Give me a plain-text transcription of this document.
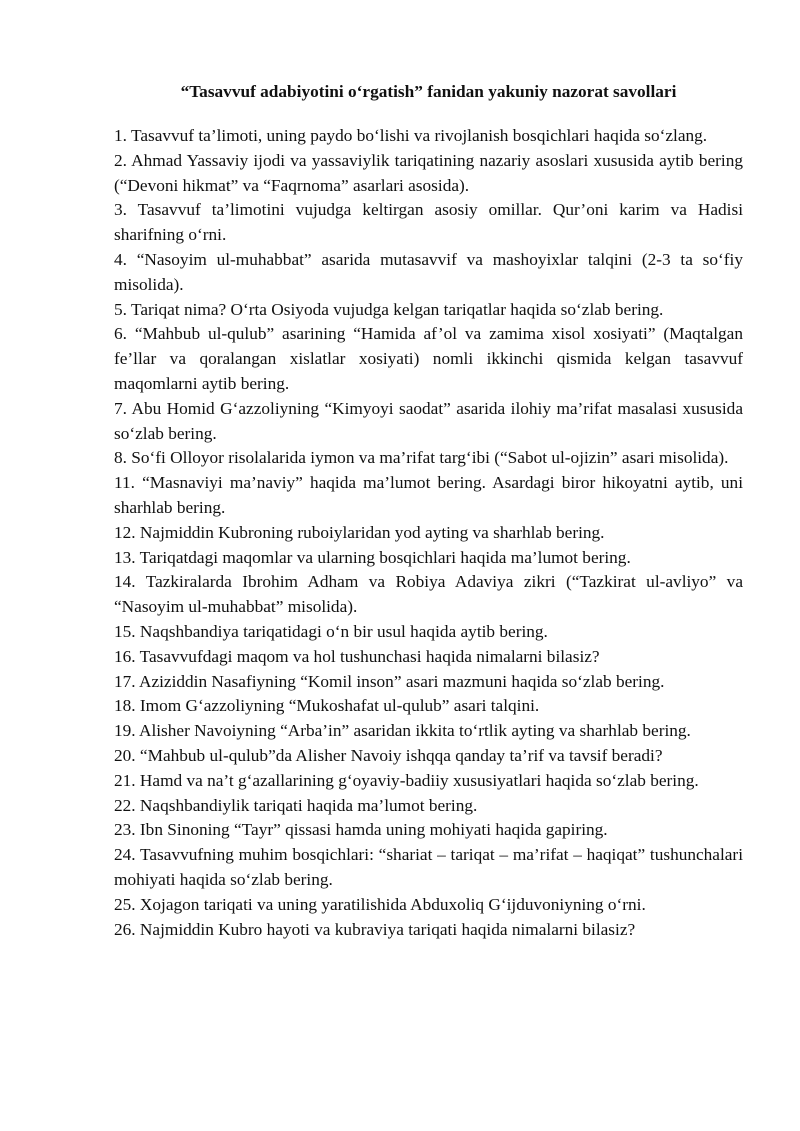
“Tasavvuf adabiyotini o‘rgatish” fanidan yakuniy nazorat savollari
1. Tasavvuf ta’limoti, uning paydo bo‘lishi va rivojlanish bosqichlari haqida so‘zlang.
2. Ahmad Yassaviy ijodi va yassaviylik tariqatining nazariy asoslari xususida aytib bering (“Devoni hikmat” va “Faqrnoma” asarlari asosida).
3. Tasavvuf ta’limotini vujudga keltirgan asosiy omillar. Qur’oni karim va Hadisi sharifning o‘rni.
4. “Nasoyim ul-muhabbat” asarida mutasavvif va mashoyixlar talqini (2-3 ta so‘fiy misolida).
5. Tariqat nima? O‘rta Osiyoda vujudga kelgan tariqatlar haqida so‘zlab bering.
6. “Mahbub ul-qulub” asarining “Hamida af’ol va zamima xisol xosiyati” (Maqtalgan fe’llar va qoralangan xislatlar xosiyati) nomli ikkinchi qismida kelgan tasavvuf maqomlarni aytib bering.
7. Abu Homid G‘azzoliyning “Kimyoyi saodat” asarida ilohiy ma’rifat masalasi xususida so‘zlab bering.
8. So‘fi Olloyor risolalarida iymon va ma’rifat targ‘ibi (“Sabot ul-ojizin” asari misolida).
11. “Masnaviyi ma’naviy” haqida ma’lumot bering. Asardagi biror hikoyatni aytib, uni sharhlab bering.
12. Najmiddin Kubroning ruboiylaridan yod ayting va sharhlab bering.
13. Tariqatdagi maqomlar va ularning bosqichlari haqida ma’lumot bering.
14. Tazkiralarda Ibrohim Adham va Robiya Adaviya zikri (“Tazkirat ul-avliyo” va “Nasoyim ul-muhabbat” misolida).
15. Naqshbandiya tariqatidagi o‘n bir usul haqida aytib bering.
16. Tasavvufdagi maqom va hol tushunchasi haqida nimalarni bilasiz?
17. Aziziddin Nasafiyning “Komil inson” asari mazmuni haqida so‘zlab bering.
18. Imom G‘azzoliyning “Mukoshafat ul-qulub” asari talqini.
19. Alisher Navoiyning “Arba’in” asaridan ikkita to‘rtlik ayting va sharhlab bering.
20. “Mahbub ul-qulub”da Alisher Navoiy ishqqa qanday ta’rif va tavsif beradi?
21. Hamd va na’t g‘azallarining g‘oyaviy-badiiy xususiyatlari haqida so‘zlab bering.
22. Naqshbandiylik tariqati haqida ma’lumot bering.
23. Ibn Sinoning “Tayr” qissasi hamda uning mohiyati haqida gapiring.
24. Tasavvufning muhim bosqichlari: “shariat – tariqat – ma’rifat – haqiqat” tushunchalari mohiyati haqida so‘zlab bering.
25. Xojagon tariqati va uning yaratilishida Abduxoliq G‘ijduvoniyning o‘rni.
26. Najmiddin Kubro hayoti va kubraviya tariqati haqida nimalarni bilasiz?
